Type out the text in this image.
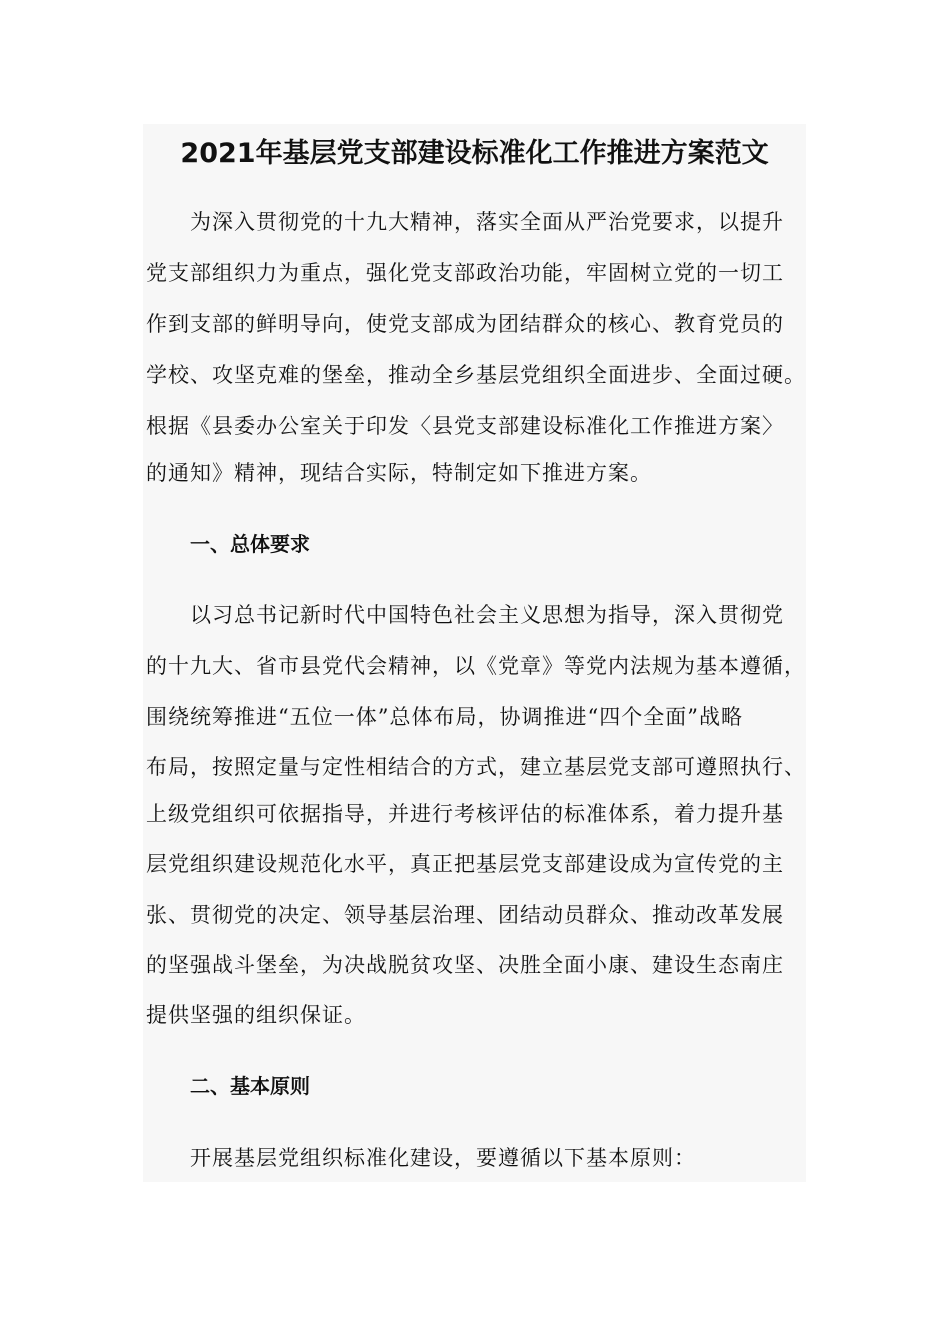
2021年基层党支部建设标准化工作推进方案范文
为深入贯彻党的十九大精神，落实全面从严治党要求，以提升
党支部组织力为重点，强化党支部政治功能，牢固树立党的一切工
作到支部的鲜明导向，使党支部成为团结群众的核心、教育党员的
学校、攻坚克难的堡垒，推动全乡基层党组织全面进步、全面过硬。
根据《县委办公室关于印发〈县党支部建设标准化工作推进方案〉
的通知》精神，现结合实际，特制定如下推进方案。
一、总体要求
以习总书记新时代中国特色社会主义思想为指导，深入贯彻党
的十九大、省市县党代会精神，以《党章》等党内法规为基本遵循，
围绕统筹推进“五位一体”总体布局，协调推进“四个全面”战略
布局，按照定量与定性相结合的方式，建立基层党支部可遵照执行、
上级党组织可依据指导，并进行考核评估的标准体系，着力提升基
层党组织建设规范化水平，真正把基层党支部建设成为宣传党的主
张、贯彻党的决定、领导基层治理、团结动员群众、推动改革发展
的坚强战斗堡垒，为决战脱贫攻坚、决胜全面小康、建设生态南庄
提供坚强的组织保证。
二、基本原则
开展基层党组织标准化建设，要遵循以下基本原则：
